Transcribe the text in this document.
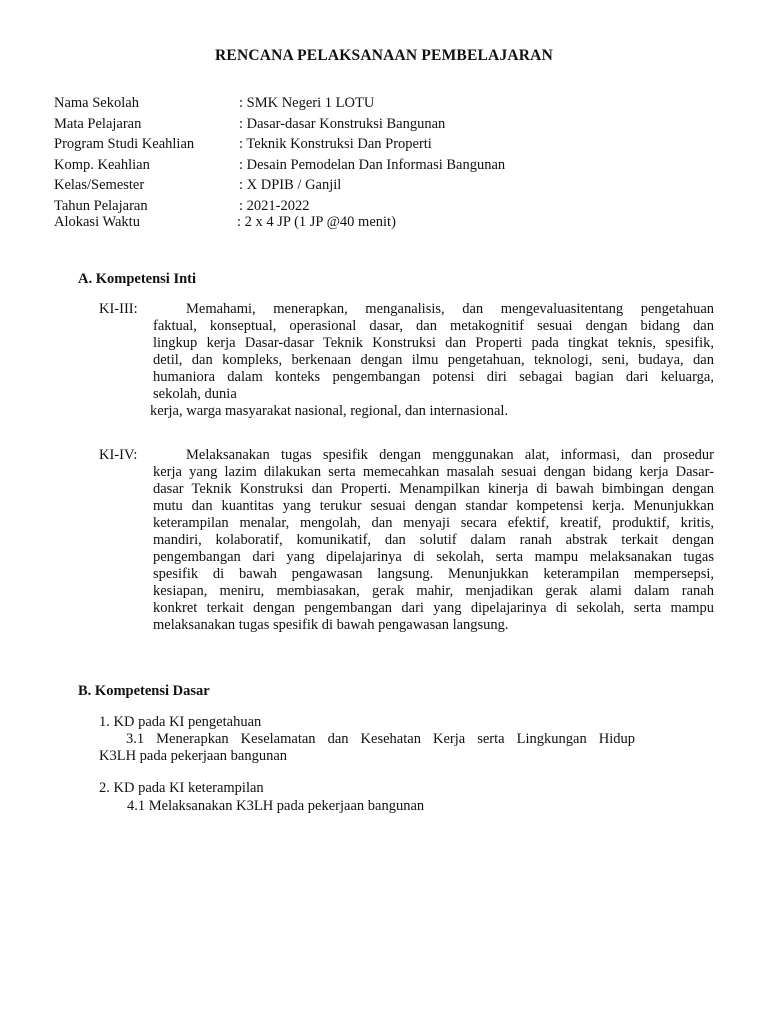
RENCANA PELAKSANAAN PEMBELAJARAN
Nama Sekolah	: SMK Negeri 1 LOTU
Mata Pelajaran	: Dasar-dasar Konstruksi Bangunan
Program Studi Keahlian	: Teknik Konstruksi Dan Properti
Komp. Keahlian	: Desain Pemodelan Dan Informasi Bangunan
Kelas/Semester	: X DPIB / Ganjil
Tahun Pelajaran	: 2021-2022
Alokasi Waktu	: 2 x 4 JP (1 JP @40 menit)
A. Kompetensi Inti
KI-III:	Memahami, menerapkan, menganalisis, dan mengevaluasitentang pengetahuan
faktual, konseptual, operasional dasar, dan metakognitif sesuai dengan bidang dan
lingkup kerja Dasar-dasar Teknik Konstruksi dan Properti pada tingkat teknis, spesifik,
detil, dan kompleks, berkenaan dengan ilmu pengetahuan, teknologi, seni, budaya, dan
humaniora dalam konteks pengembangan potensi diri sebagai bagian dari keluarga,
sekolah, dunia
kerja, warga masyarakat nasional, regional, dan internasional.
KI-IV:	Melaksanakan tugas spesifik dengan menggunakan alat, informasi, dan prosedur
kerja yang lazim dilakukan serta memecahkan masalah sesuai dengan bidang kerja Dasar-
dasar Teknik Konstruksi dan Properti. Menampilkan kinerja di bawah bimbingan dengan
mutu dan kuantitas yang terukur sesuai dengan standar kompetensi kerja. Menunjukkan
keterampilan menalar, mengolah, dan menyaji secara efektif, kreatif, produktif, kritis,
mandiri, kolaboratif, komunikatif, dan solutif dalam ranah abstrak terkait dengan
pengembangan dari yang dipelajarinya di sekolah, serta mampu melaksanakan tugas
spesifik di bawah pengawasan langsung. Menunjukkan keterampilan mempersepsi,
kesiapan, meniru, membiasakan, gerak mahir, menjadikan gerak alami dalam ranah
konkret terkait dengan pengembangan dari yang dipelajarinya di sekolah, serta mampu
melaksanakan tugas spesifik di bawah pengawasan langsung.
B. Kompetensi Dasar
1. KD pada KI pengetahuan
3.1 Menerapkan Keselamatan dan Kesehatan Kerja serta Lingkungan Hidup
K3LH pada pekerjaan bangunan
2. KD pada KI keterampilan
4.1 Melaksanakan K3LH pada pekerjaan bangunan
